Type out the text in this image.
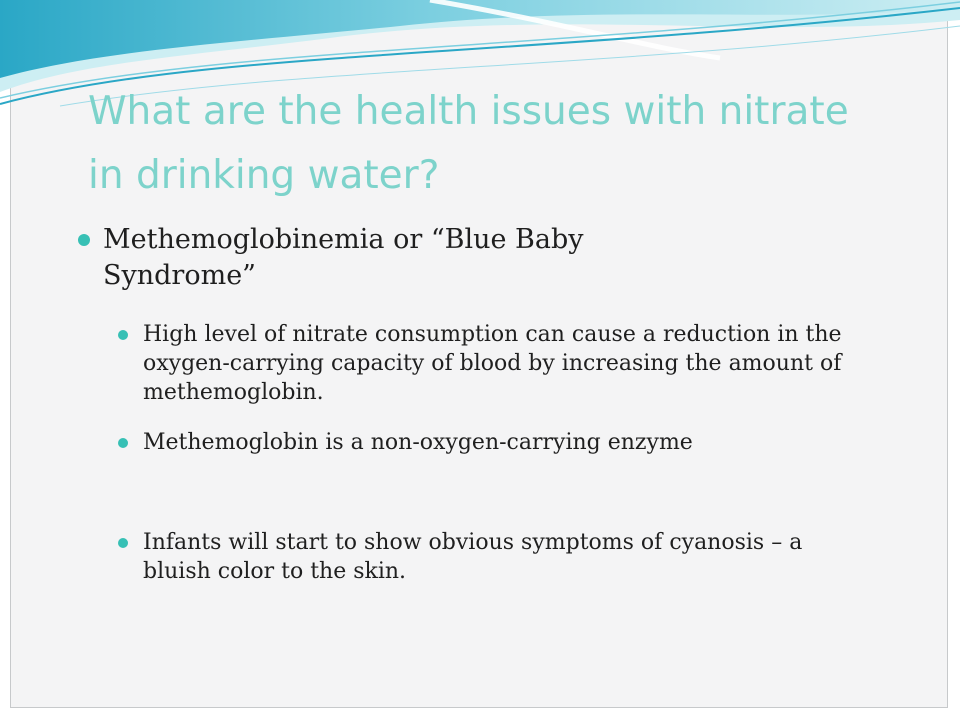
What are the health issues with nitrate in drinking water?
Methemoglobinemia or “Blue Baby Syndrome”
High level of nitrate consumption can cause a reduction in the oxygen-carrying capacity of blood by increasing the amount of methemoglobin.
Methemoglobin is a non-oxygen-carrying enzyme
Infants will start to show obvious symptoms of cyanosis – a bluish color to the skin.
